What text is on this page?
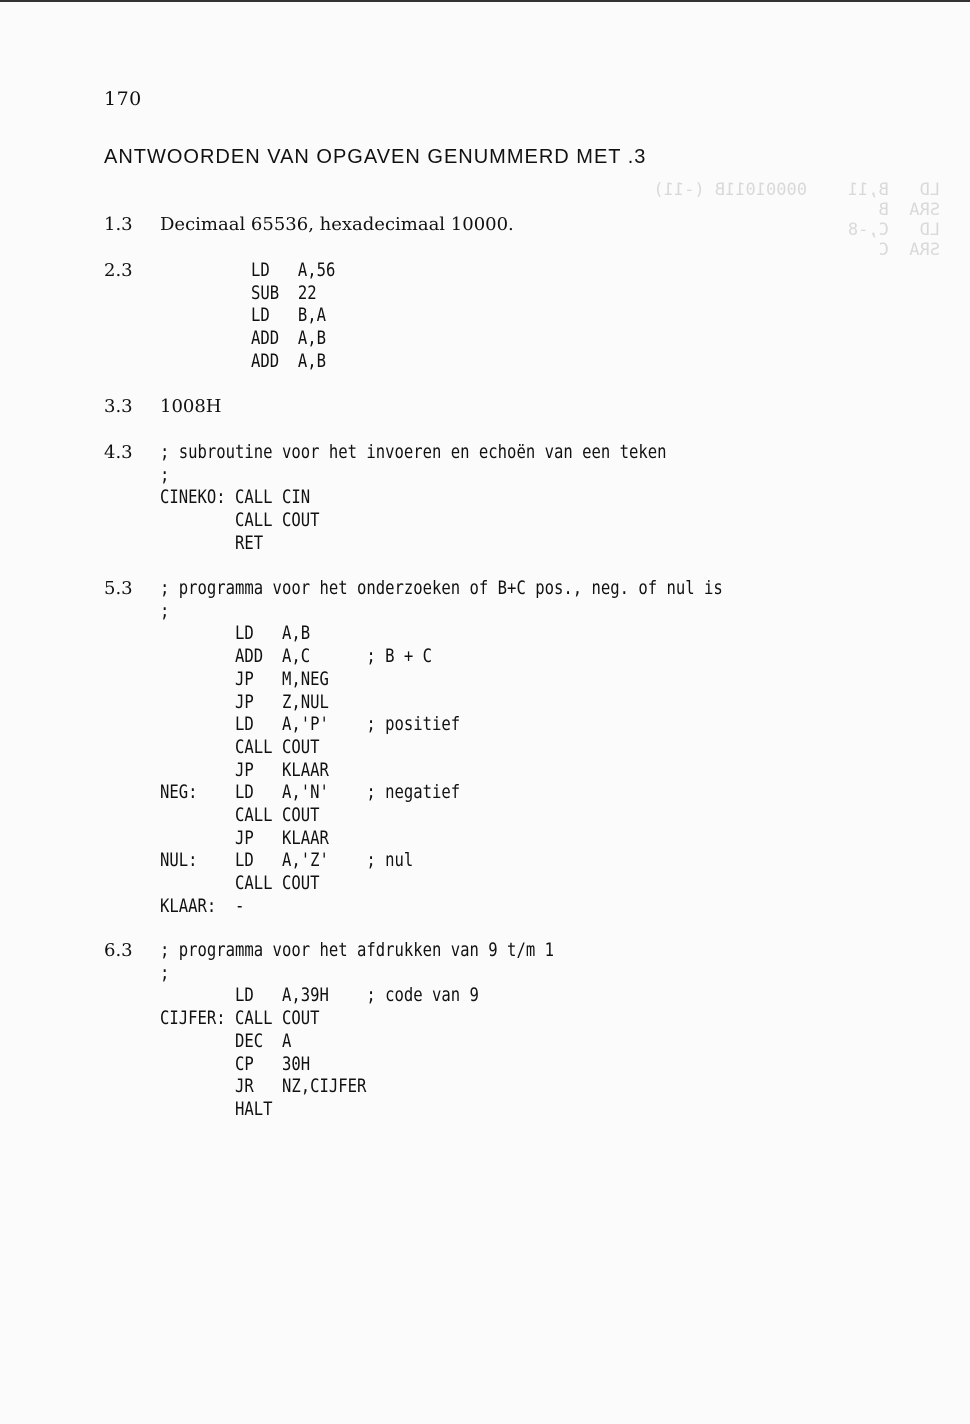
LD   B,11    00001011B (-11)
SRA  B
LD   C,-8
SRA  C
170
ANTWOORDEN VAN OPGAVEN GENUMMERD MET .3
1.3 Decimaal 65536, hexadecimaal 10000.
2.3	LD   A,56
SUB  22
LD   B,A
ADD  A,B
ADD  A,B
3.3 1008H
4.3 ; subroutine voor het invoeren en echoën van een teken
;
CINEKO: CALL CIN
CALL COUT
RET
5.3 ; programma voor het onderzoeken of B+C pos., neg. of nul is
;
LD   A,B
ADD  A,C      ; B + C
JP   M,NEG
JP   Z,NUL
LD   A,'P'    ; positief
CALL COUT
JP   KLAAR
NEG:    LD   A,'N'    ; negatief
CALL COUT
JP   KLAAR
NUL:    LD   A,'Z'    ; nul
CALL COUT
KLAAR:  -
6.3 ; programma voor het afdrukken van 9 t/m 1
;
LD   A,39H    ; code van 9
CIJFER: CALL COUT
DEC  A
CP   30H
JR   NZ,CIJFER
HALT
